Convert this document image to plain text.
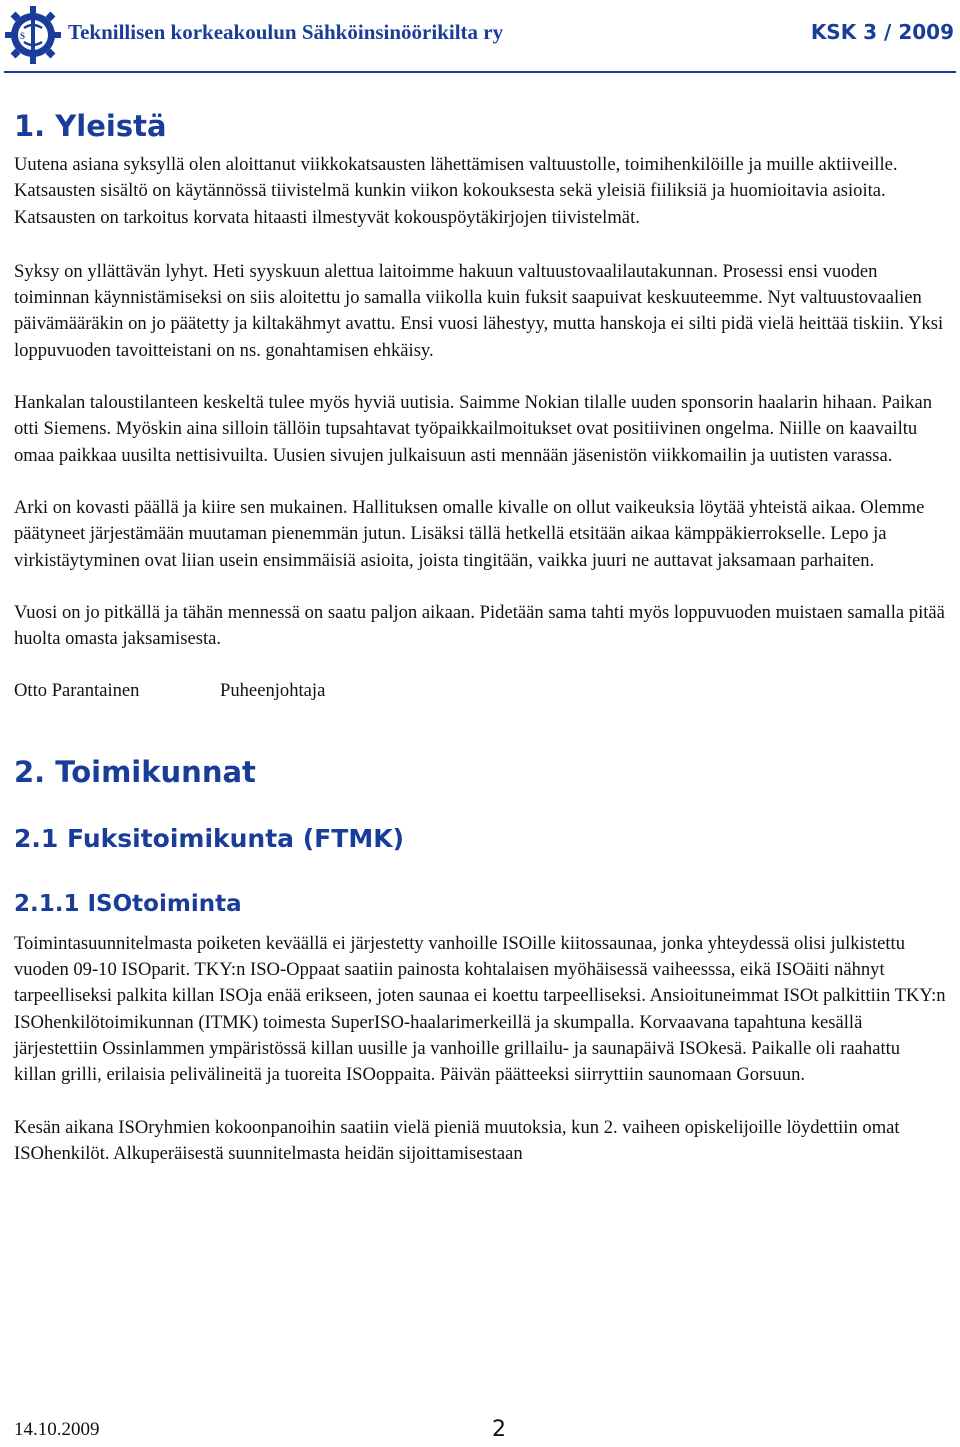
S Teknillisen korkeakoulun Sähköinsinöörikilta ry	KSK 3 / 2009
1. Yleistä

Uutena asiana syksyllä olen aloittanut viikkokatsausten lähettämisen valtuustolle, toimihenkilöille ja muille aktiiveille. Katsausten sisältö on käytännössä tiivistelmä kunkin viikon kokouksesta sekä yleisiä fiiliksiä ja huomioitavia asioita. Katsausten on tarkoitus korvata hitaasti ilmestyvät kokouspöytäkirjojen tiivistelmät.

Syksy on yllättävän lyhyt. Heti syyskuun alettua laitoimme hakuun valtuustovaalilautakunnan. Prosessi ensi vuoden toiminnan käynnistämiseksi on siis aloitettu jo samalla viikolla kuin fuksit saapuivat keskuuteemme. Nyt valtuustovaalien päivämääräkin on jo päätetty ja kiltakähmyt avattu. Ensi vuosi lähestyy, mutta hanskoja ei silti pidä vielä heittää tiskiin. Yksi loppuvuoden tavoitteistani on ns. gonahtamisen ehkäisy.

Hankalan taloustilanteen keskeltä tulee myös hyviä uutisia. Saimme Nokian tilalle uuden sponsorin haalarin hihaan. Paikan otti Siemens. Myöskin aina silloin tällöin tupsahtavat työpaikkailmoitukset ovat positiivinen ongelma. Niille on kaavailtu omaa paikkaa uusilta nettisivuilta. Uusien sivujen julkaisuun asti mennään jäsenistön viikkomailin ja uutisten varassa.

Arki on kovasti päällä ja kiire sen mukainen. Hallituksen omalle kivalle on ollut vaikeuksia löytää yhteistä aikaa. Olemme päätyneet järjestämään muutaman pienemmän jutun. Lisäksi tällä hetkellä etsitään aikaa kämppäkierrokselle. Lepo ja virkistäytyminen ovat liian usein ensimmäisiä asioita, joista tingitään, vaikka juuri ne auttavat jaksamaan parhaiten.

Vuosi on jo pitkällä ja tähän mennessä on saatu paljon aikaan. Pidetään sama tahti myös loppuvuoden muistaen samalla pitää huolta omasta jaksamisesta.

Otto Parantainen	Puheenjohtaja

2. Toimikunnat
2.1 Fuksitoimikunta (FTMK)
2.1.1 ISOtoiminta

Toimintasuunnitelmasta poiketen keväällä ei järjestetty vanhoille ISOille kiitossaunaa, jonka yhteydessä olisi julkistettu vuoden 09-10 ISOparit. TKY:n ISO-Oppaat saatiin painosta kohtalaisen myöhäisessä vaiheesssa, eikä ISOäiti nähnyt tarpeelliseksi palkita killan ISOja enää erikseen, joten saunaa ei koettu tarpeelliseksi. Ansioituneimmat ISOt palkittiin TKY:n ISOhenkilötoimikunnan (ITMK) toimesta SuperISO-haalarimerkeillä ja skumpalla. Korvaavana tapahtuna kesällä järjestettiin Ossinlammen ympäristössä killan uusille ja vanhoille grillailu- ja saunapäivä ISOkesä. Paikalle oli raahattu killan grilli, erilaisia pelivälineitä ja tuoreita ISOoppaita. Päivän päätteeksi siirryttiin saunomaan Gorsuun.

Kesän aikana ISOryhmien kokoonpanoihin saatiin vielä pieniä muutoksia, kun 2. vaiheen opiskelijoille löydettiin omat ISOhenkilöt. Alkuperäisestä suunnitelmasta heidän sijoittamisestaan

14.10.2009	2
